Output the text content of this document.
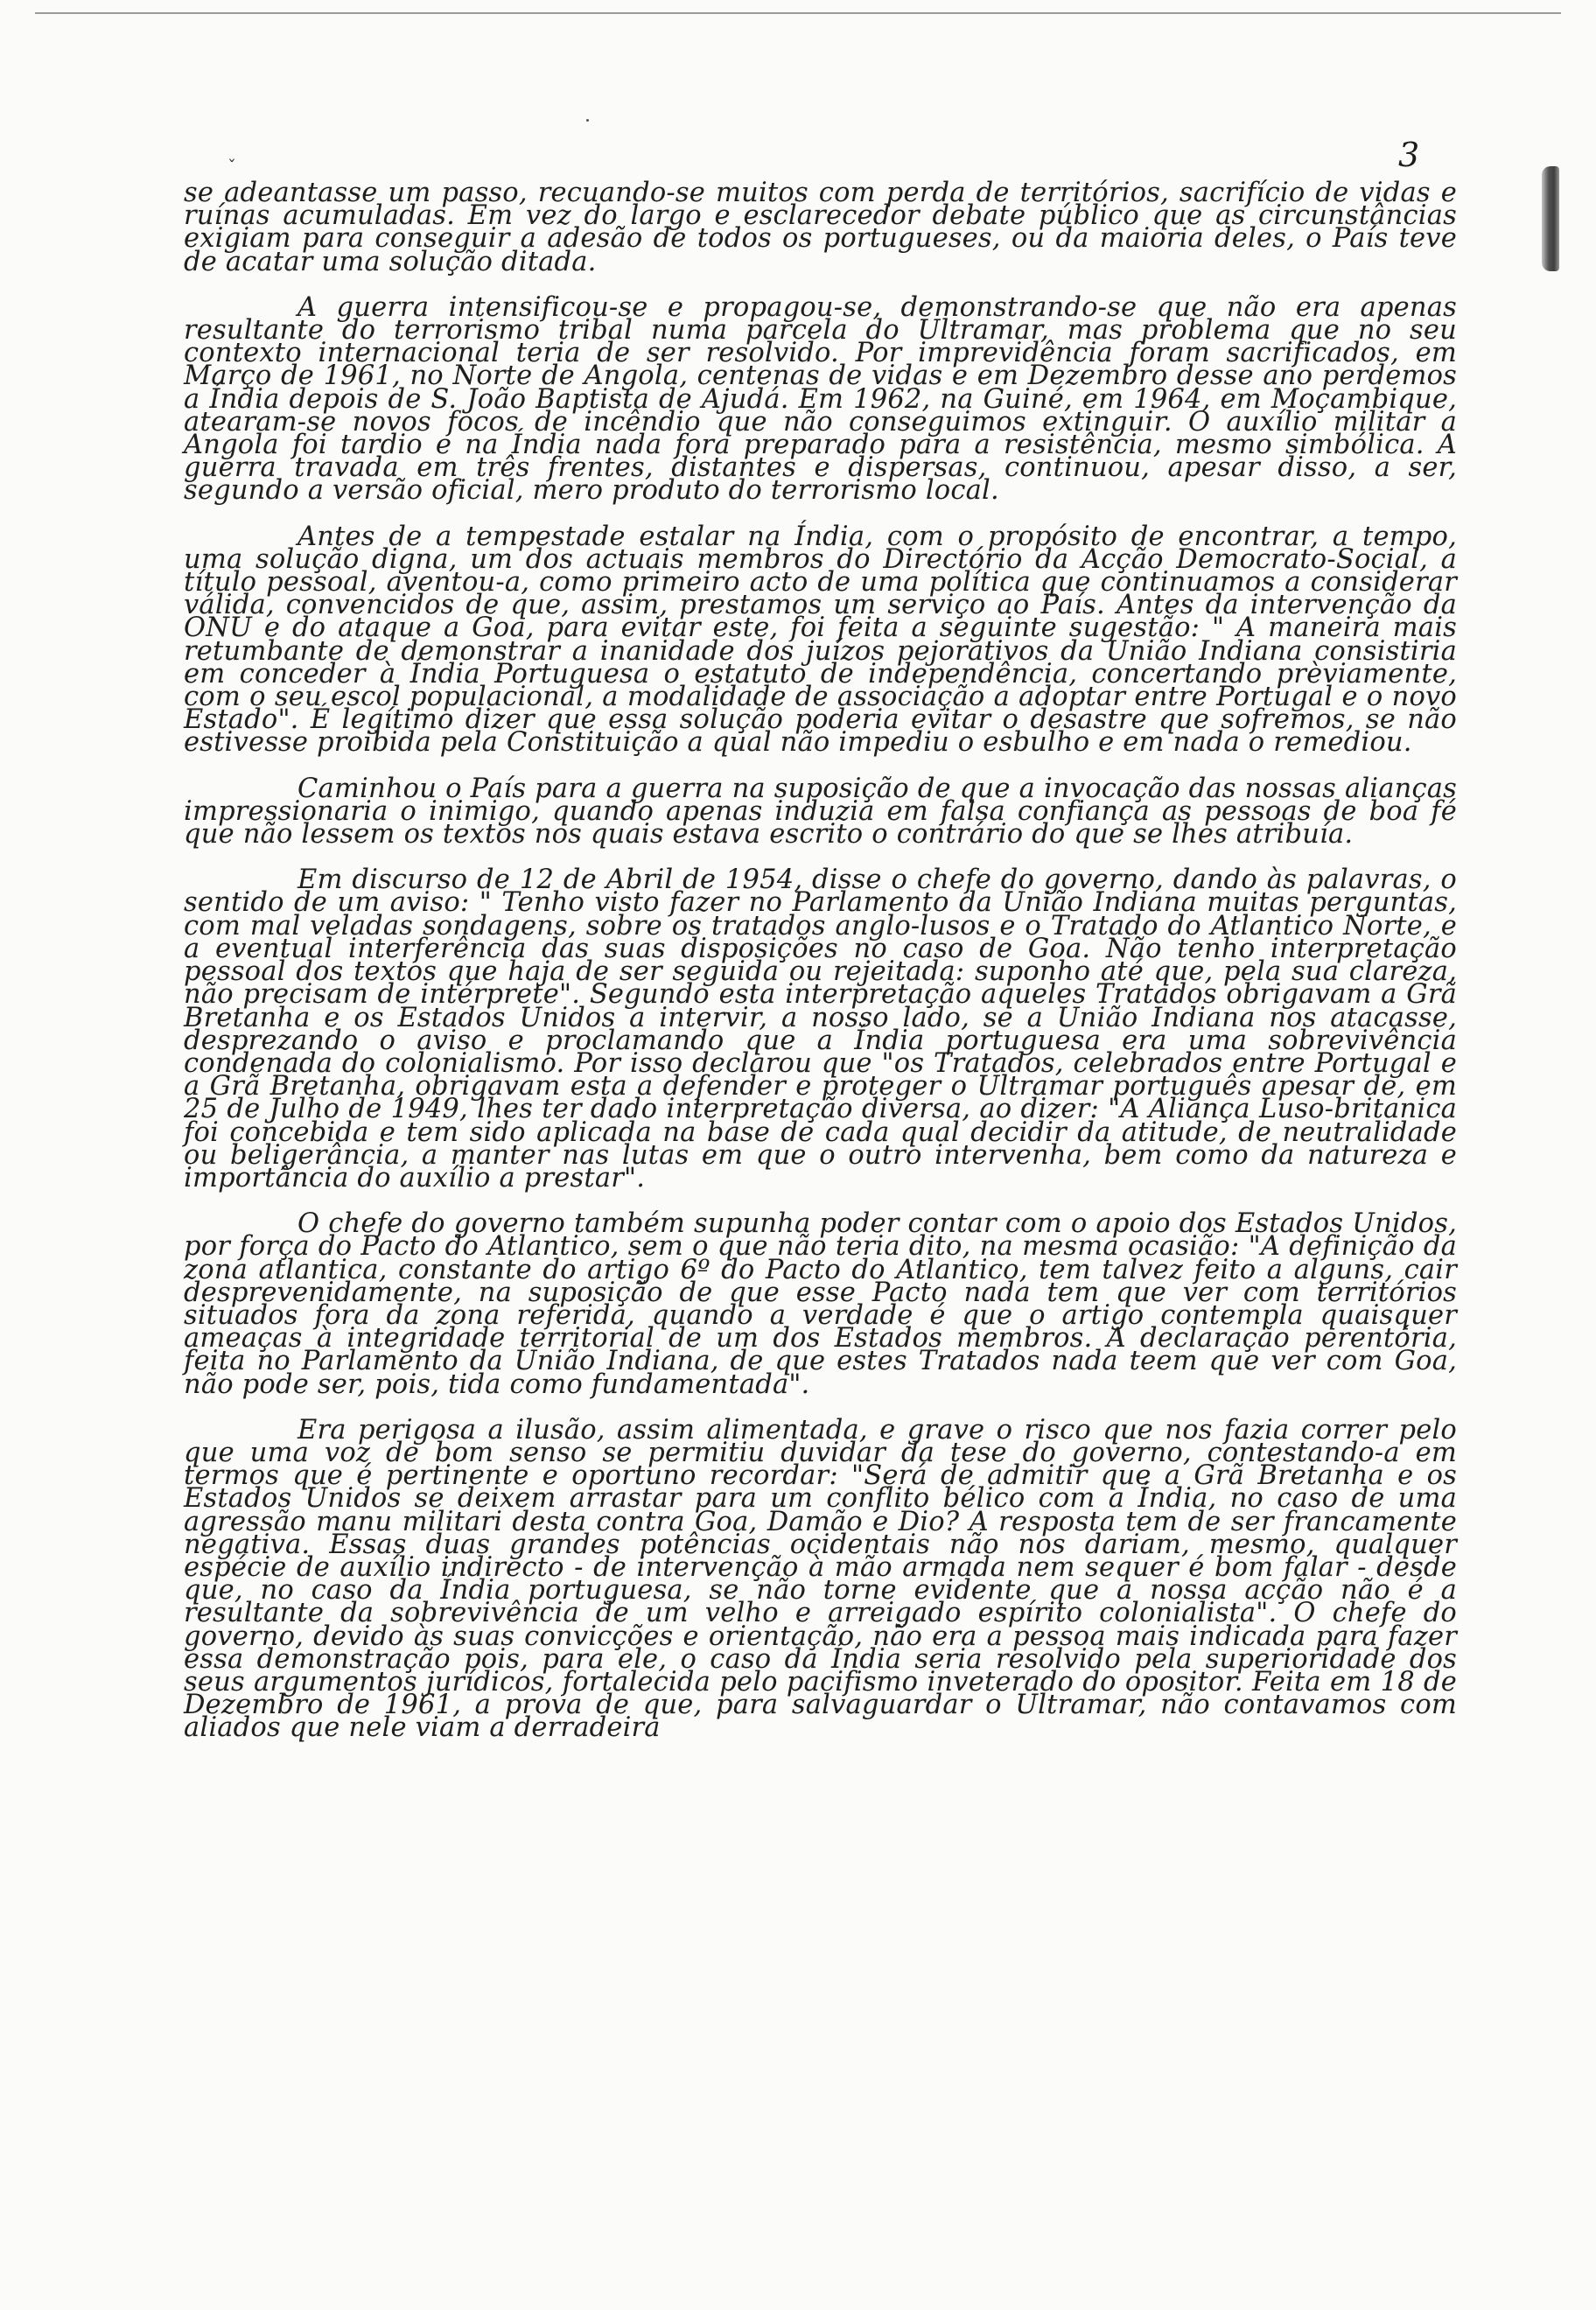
ˇ	3

se adeantasse um passo, recuando-se muitos com perda de territórios, sacrifício de vidas e ruínas acumuladas. Em vez do largo e esclarecedor debate público que as circunstâncias exigiam para conseguir a adesão de todos os portugueses, ou da maioria deles, o País teve de acatar uma solução ditada.

A guerra intensificou-se e propagou-se, demonstrando-se que não era apenas resultante do terrorismo tribal numa parcela do Ultramar, mas problema que no seu contexto internacional teria de ser resolvido. Por imprevidência foram sacrificados, em Março de 1961, no Norte de Angola, centenas de vidas e em Dezembro desse ano perdemos a Índia depois de S. João Baptista de Ajudá. Em 1962, na Guiné, em 1964, em Moçambique, atearam-se novos focos de incêndio que não conseguimos extinguir. O auxílio militar a Angola foi tardio e na Índia nada fora preparado para a resistência, mesmo simbólica. A guerra travada em três frentes, distantes e dispersas, continuou, apesar disso, a ser, segundo a versão oficial, mero produto do terrorismo local.

Antes de a tempestade estalar na Índia, com o propósito de encontrar, a tempo, uma solução digna, um dos actuais membros do Directório da Acção Democrato-Social, a título pessoal, aventou-a, como primeiro acto de uma política que continuamos a considerar válida, convencidos de que, assim, prestamos um serviço ao País. Antes da intervenção da ONU e do ataque a Goa, para evitar este, foi feita a seguinte sugestão: " A maneira mais retumbante de demonstrar a inanidade dos juízos pejorativos da União Indiana consistiria em conceder à Índia Portuguesa o estatuto de independência, concertando prèviamente, com o seu escol populacional, a modalidade de associação a adoptar entre Portugal e o novo Estado". É legítimo dizer que essa solução poderia evitar o desastre que sofremos, se não estivesse proibida pela Constituição a qual não impediu o esbulho e em nada o remediou.

Caminhou o País para a guerra na suposição de que a invocação das nossas alianças impressionaria o inimigo, quando apenas induzia em falsa confiança as pessoas de boa fé que não lessem os textos nos quais estava escrito o contrário do que se lhes atribuía.

Em discurso de 12 de Abril de 1954, disse o chefe do governo, dando às palavras, o sentido de um aviso: " Tenho visto fazer no Parlamento da União Indiana muitas perguntas, com mal veladas sondagens, sobre os tratados anglo-lusos e o Tratado do Atlantico Norte, e a eventual interferência das suas disposições no caso de Goa. Não tenho interpretação pessoal dos textos que haja de ser seguida ou rejeitada: suponho até que, pela sua clareza, não precisam de intérprete". Segundo esta interpretação aqueles Tratados obrigavam a Grã Bretanha e os Estados Unidos a intervir, a nosso lado, se a União Indiana nos atacasse, desprezando o aviso e proclamando que a Índia portuguesa era uma sobrevivência condenada do colonialismo. Por isso declarou que "os Tratados, celebrados entre Portugal e a Grã Bretanha, obrigavam esta a defender e proteger o Ultramar português apesar de, em 25 de Julho de 1949, lhes ter dado interpretação diversa, ao dizer: "A Aliança Luso-britanica foi concebida e tem sido aplicada na base de cada qual decidir da atitude, de neutralidade ou beligerância, a manter nas lutas em que o outro intervenha, bem como da natureza e importância do auxílio a prestar".

O chefe do governo também supunha poder contar com o apoio dos Estados Unidos, por força do Pacto do Atlantico, sem o que não teria dito, na mesma ocasião: "A definição da zona atlantica, constante do artigo 6º do Pacto do Atlantico, tem talvez feito a alguns, cair desprevenidamente, na suposição de que esse Pacto nada tem que ver com territórios situados fora da zona referida, quando a verdade é que o artigo contempla quaisquer ameaças à integridade territorial de um dos Estados membros. A declaração perentória, feita no Parlamento da União Indiana, de que estes Tratados nada teem que ver com Goa, não pode ser, pois, tida como fundamentada".

Era perigosa a ilusão, assim alimentada, e grave o risco que nos fazia correr pelo que uma voz de bom senso se permitiu duvidar da tese do governo, contestando-a em termos que é pertinente e oportuno recordar: "Será de admitir que a Grã Bretanha e os Estados Unidos se deixem arrastar para um conflito bélico com a Índia, no caso de uma agressão manu militari desta contra Goa, Damão e Dio? A resposta tem de ser francamente negativa. Essas duas grandes potências ocidentais não nos dariam, mesmo, qualquer espécie de auxílio indirecto - de intervenção à mão armada nem sequer é bom falar - desde que, no caso da Índia portuguesa, se não torne evidente que a nossa acção não é a resultante da sobrevivência de um velho e arreigado espírito colonialista". O chefe do governo, devido às suas convicções e orientação, não era a pessoa mais indicada para fazer essa demonstração pois, para ele, o caso da Índia seria resolvido pela superioridade dos seus argumentos jurídicos, fortalecida pelo pacifismo inveterado do opositor. Feita em 18 de Dezembro de 1961, a prova de que, para salvaguardar o Ultramar, não contavamos com aliados que nele viam a derradeira
